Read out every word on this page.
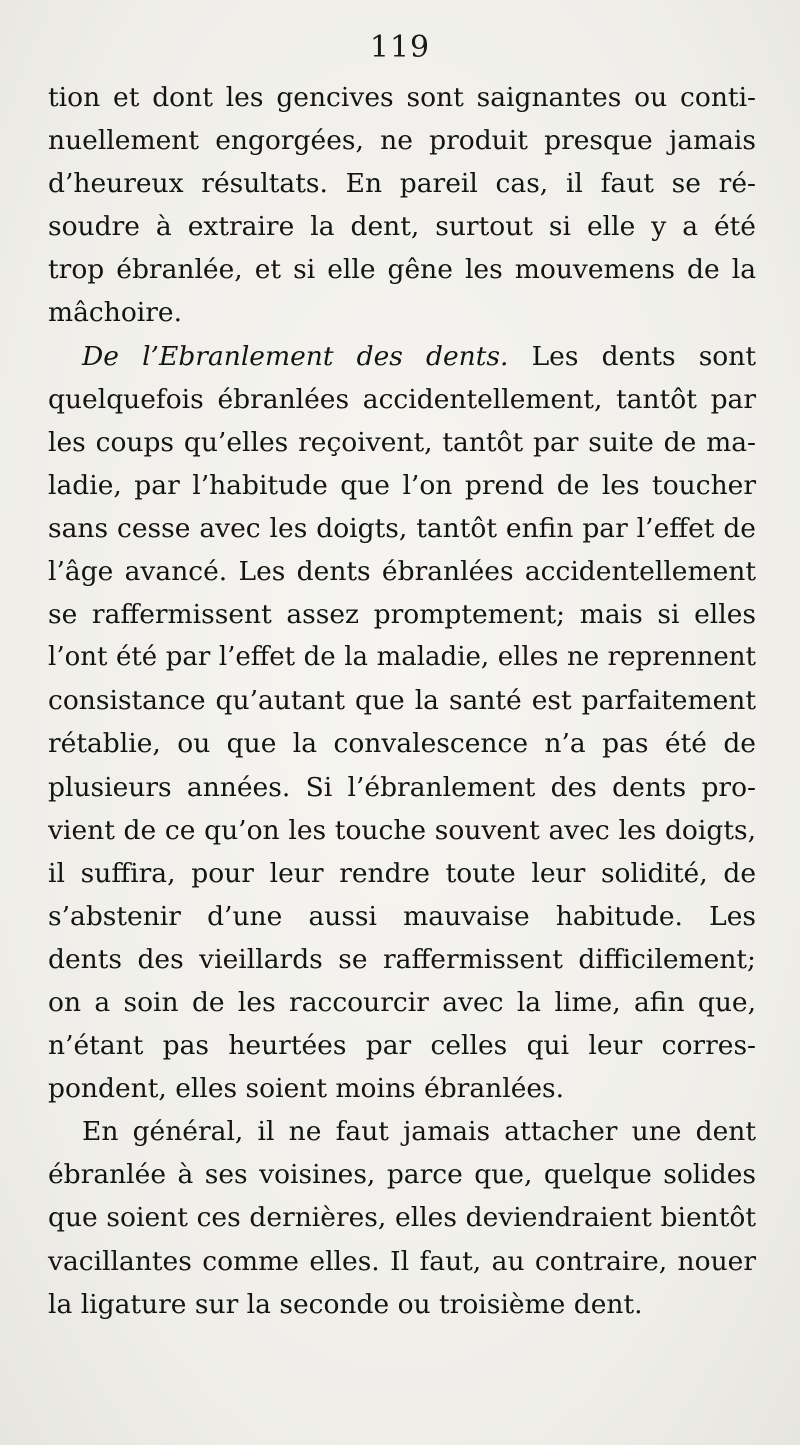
119
tion et dont les gencives sont saignantes ou conti-
nuellement engorgées, ne produit presque jamais
d’heureux résultats. En pareil cas, il faut se ré-
soudre à extraire la dent, surtout si elle y a été
trop ébranlée, et si elle gêne les mouvemens de la
mâchoire.
De l’Ebranlement des dents. Les dents sont
quelquefois ébranlées accidentellement, tantôt par
les coups qu’elles reçoivent, tantôt par suite de ma-
ladie, par l’habitude que l’on prend de les toucher
sans cesse avec les doigts, tantôt enfin par l’effet de
l’âge avancé. Les dents ébranlées accidentellement
se raffermissent assez promptement; mais si elles
l’ont été par l’effet de la maladie, elles ne reprennent
consistance qu’autant que la santé est parfaitement
rétablie, ou que la convalescence n’a pas été de
plusieurs années. Si l’ébranlement des dents pro-
vient de ce qu’on les touche souvent avec les doigts,
il suffira, pour leur rendre toute leur solidité, de
s’abstenir d’une aussi mauvaise habitude. Les
dents des vieillards se raffermissent difficilement;
on a soin de les raccourcir avec la lime, afin que,
n’étant pas heurtées par celles qui leur corres-
pondent, elles soient moins ébranlées.
En général, il ne faut jamais attacher une dent
ébranlée à ses voisines, parce que, quelque solides
que soient ces dernières, elles deviendraient bientôt
vacillantes comme elles. Il faut, au contraire, nouer
la ligature sur la seconde ou troisième dent.
